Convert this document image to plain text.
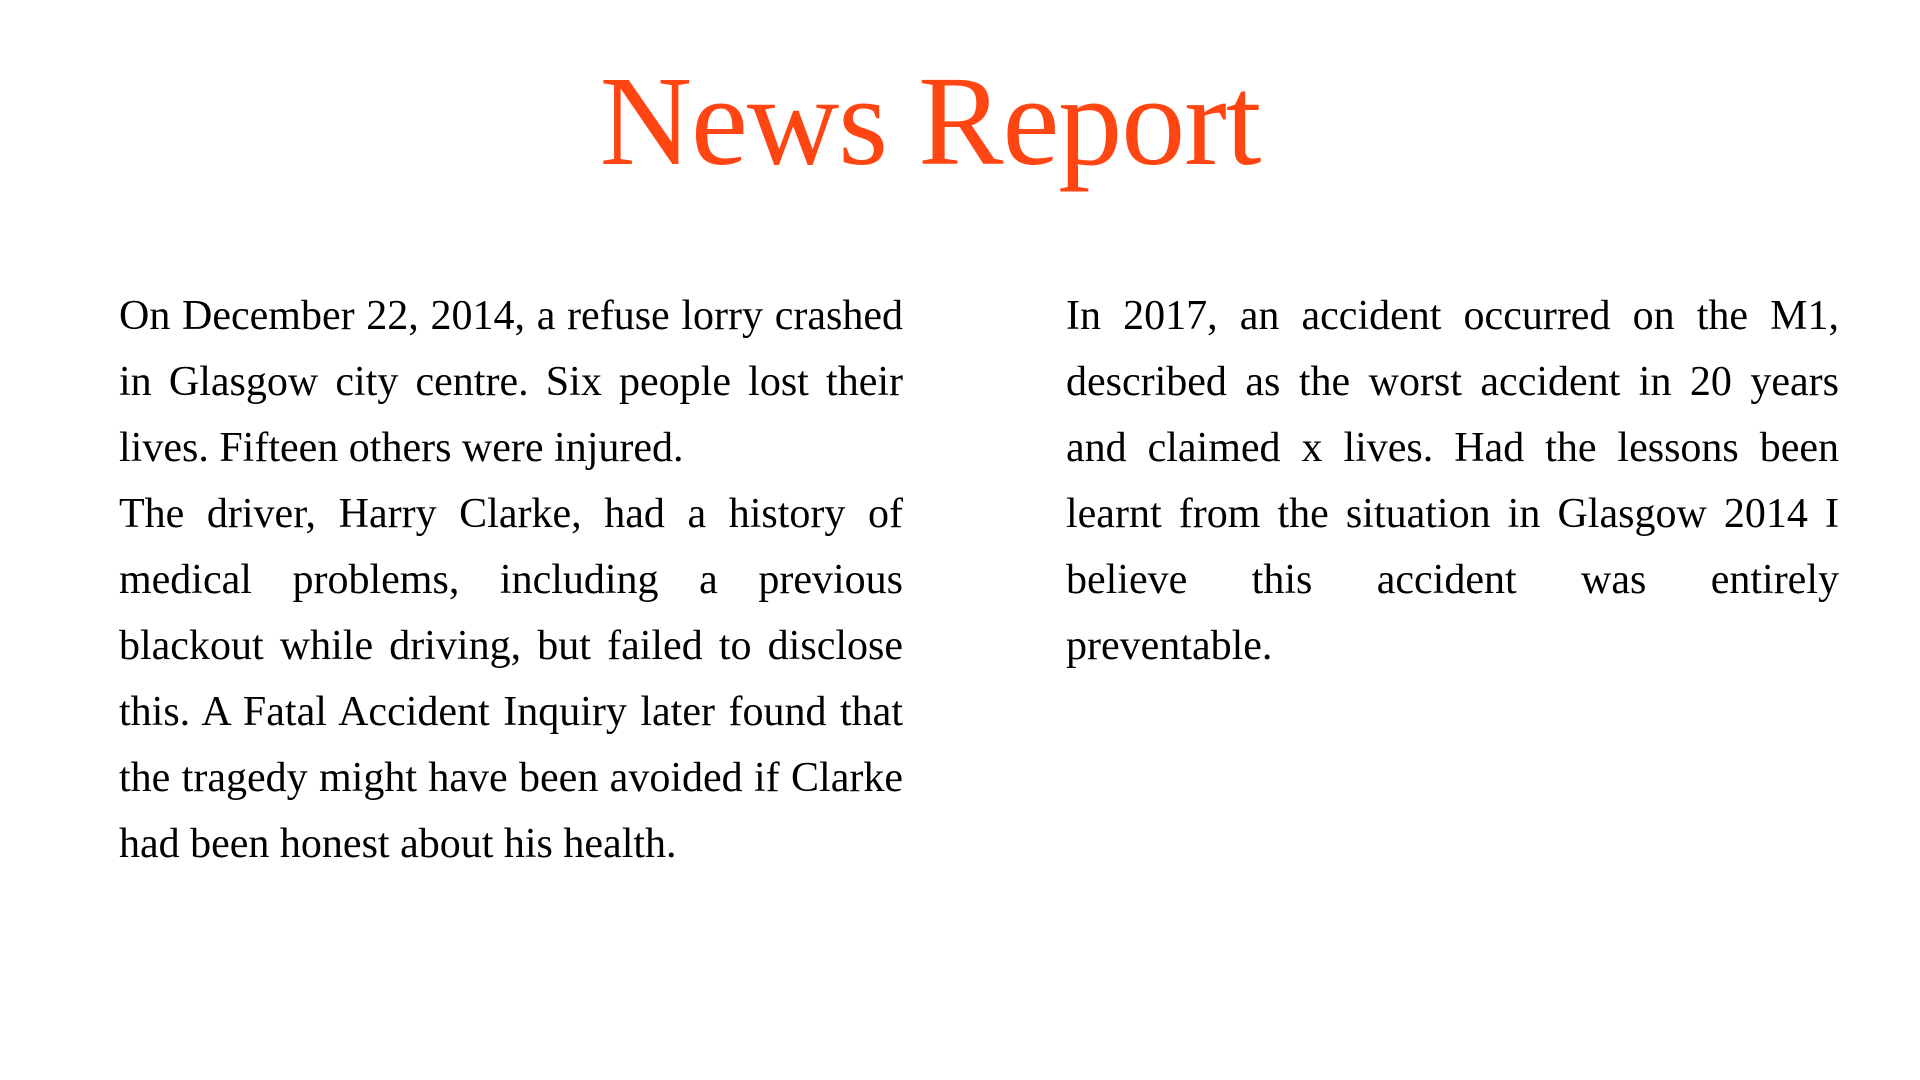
News Report

On December 22, 2014, a refuse lorry crashed in Glasgow city centre. Six people lost their lives. Fifteen others were injured.

The driver, Harry Clarke, had a history of medical problems, including a previous blackout while driving, but failed to disclose this. A Fatal Accident Inquiry later found that the tragedy might have been avoided if Clarke had been honest about his health.

In 2017, an accident occurred on the M1, described as the worst accident in 20 years and claimed x lives. Had the lessons been learnt from the situation in Glasgow 2014 I believe this accident was entirely preventable.
